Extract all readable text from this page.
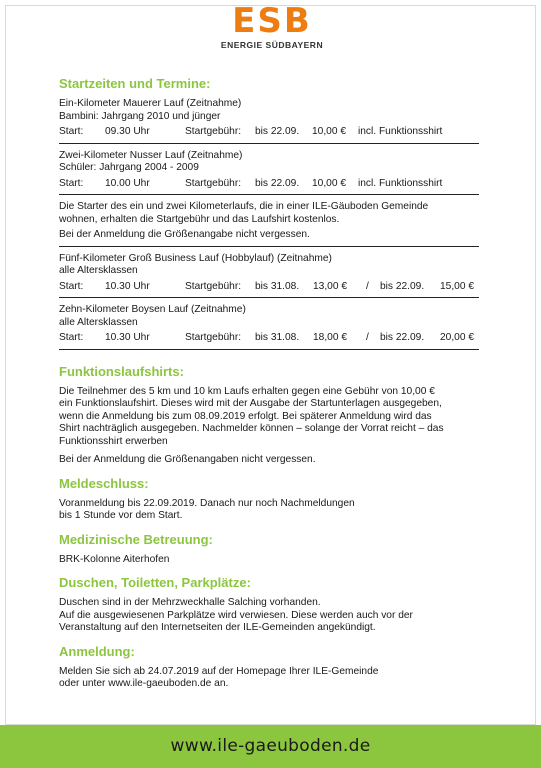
ESB
ENERGIE SÜDBAYERN
Startzeiten und Termine:
Ein-Kilometer Mauerer Lauf (Zeitnahme)
Bambini: Jahrgang 2010 und jünger
Start:	09.30 Uhr	Startgebühr:	bis 22.09.	10,00 €	incl. Funktionsshirt
Zwei-Kilometer Nusser Lauf (Zeitnahme)
Schüler: Jahrgang 2004 - 2009
Start:	10.00 Uhr	Startgebühr:	bis 22.09.	10,00 €	incl. Funktionsshirt
Die Starter des ein und zwei Kilometerlaufs, die in einer ILE-Gäuboden Gemeinde
wohnen, erhalten die Startgebühr und das Laufshirt kostenlos.
Bei der Anmeldung die Größenangabe nicht vergessen.
Fünf-Kilometer Groß Business Lauf (Hobbylauf) (Zeitnahme)
alle Altersklassen
Start:	10.30 Uhr	Startgebühr:	bis 31.08.	13,00 €	/	bis 22.09.	15,00 €
Zehn-Kilometer Boysen Lauf (Zeitnahme)
alle Altersklassen
Start:	10.30 Uhr	Startgebühr:	bis 31.08.	18,00 €	/	bis 22.09.	20,00 €
Funktionslaufshirts:
Die Teilnehmer des 5 km und 10 km Laufs erhalten gegen eine Gebühr von 10,00 €
ein Funktionslaufshirt. Dieses wird mit der Ausgabe der Startunterlagen ausgegeben,
wenn die Anmeldung bis zum 08.09.2019 erfolgt. Bei späterer Anmeldung wird das
Shirt nachträglich ausgegeben. Nachmelder können – solange der Vorrat reicht – das
Funktionsshirt erwerben
Bei der Anmeldung die Größenangaben nicht vergessen.
Meldeschluss:
Voranmeldung bis 22.09.2019. Danach nur noch Nachmeldungen
bis 1 Stunde vor dem Start.
Medizinische Betreuung:
BRK-Kolonne Aiterhofen
Duschen, Toiletten, Parkplätze:
Duschen sind in der Mehrzweckhalle Salching vorhanden.
Auf die ausgewiesenen Parkplätze wird verwiesen. Diese werden auch vor der
Veranstaltung auf den Internetseiten der ILE-Gemeinden angekündigt.
Anmeldung:
Melden Sie sich ab 24.07.2019 auf der Homepage Ihrer ILE-Gemeinde
oder unter www.ile-gaeuboden.de an.
www.ile-gaeuboden.de
